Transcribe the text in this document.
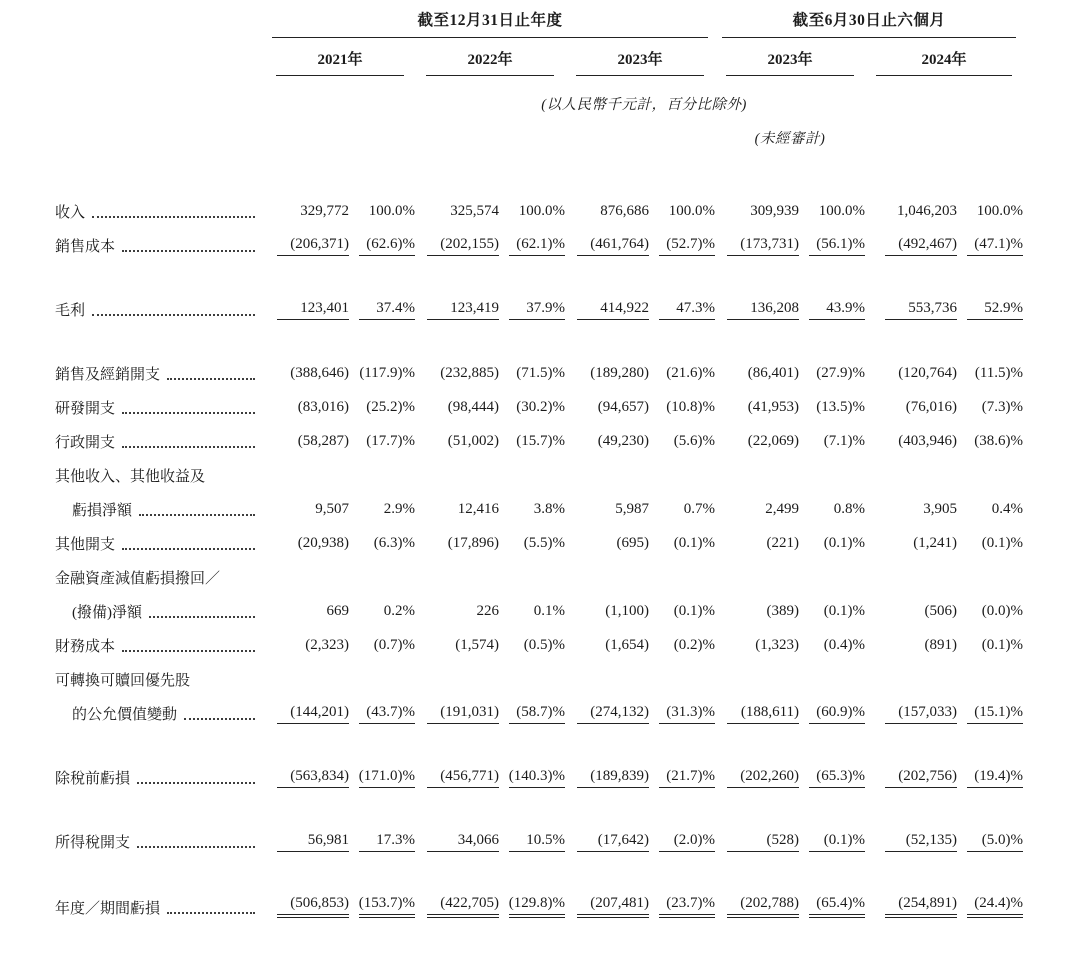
	截至12月31日止年度						截至6月30日止六個月			

	2021年		2022年		2023年		2023年		2024年	

	(以人民幣千元計，百分比除外)									
							(未經審計)			

收入	329,772	100.0%	325,574	100.0%	876,686	100.0%	309,939	100.0%	1,046,203	100.0%

銷售成本	(206,371)	(62.6)%	(202,155)	(62.1)%	(461,764)	(52.7)%	(173,731)	(56.1)%	(492,467)	(47.1)%

毛利	123,401	37.4%	123,419	37.9%	414,922	47.3%	136,208	43.9%	553,736	52.9%

銷售及經銷開支	(388,646)	(117.9)%	(232,885)	(71.5)%	(189,280)	(21.6)%	(86,401)	(27.9)%	(120,764)	(11.5)%

研發開支	(83,016)	(25.2)%	(98,444)	(30.2)%	(94,657)	(10.8)%	(41,953)	(13.5)%	(76,016)	(7.3)%

行政開支	(58,287)	(17.7)%	(51,002)	(15.7)%	(49,230)	(5.6)%	(22,069)	(7.1)%	(403,946)	(38.6)%

其他收入、其他收益及										

虧損淨額	9,507	2.9%	12,416	3.8%	5,987	0.7%	2,499	0.8%	3,905	0.4%

其他開支	(20,938)	(6.3)%	(17,896)	(5.5)%	(695)	(0.1)%	(221)	(0.1)%	(1,241)	(0.1)%

金融資產減值虧損撥回／										

(撥備)淨額	669	0.2%	226	0.1%	(1,100)	(0.1)%	(389)	(0.1)%	(506)	(0.0)%

財務成本	(2,323)	(0.7)%	(1,574)	(0.5)%	(1,654)	(0.2)%	(1,323)	(0.4)%	(891)	(0.1)%

可轉換可贖回優先股										

的公允價值變動	(144,201)	(43.7)%	(191,031)	(58.7)%	(274,132)	(31.3)%	(188,611)	(60.9)%	(157,033)	(15.1)%

除稅前虧損	(563,834)	(171.0)%	(456,771)	(140.3)%	(189,839)	(21.7)%	(202,260)	(65.3)%	(202,756)	(19.4)%

所得稅開支	56,981	17.3%	34,066	10.5%	(17,642)	(2.0)%	(528)	(0.1)%	(52,135)	(5.0)%

年度／期間虧損	(506,853)	(153.7)%	(422,705)	(129.8)%	(207,481)	(23.7)%	(202,788)	(65.4)%	(254,891)	(24.4)%
